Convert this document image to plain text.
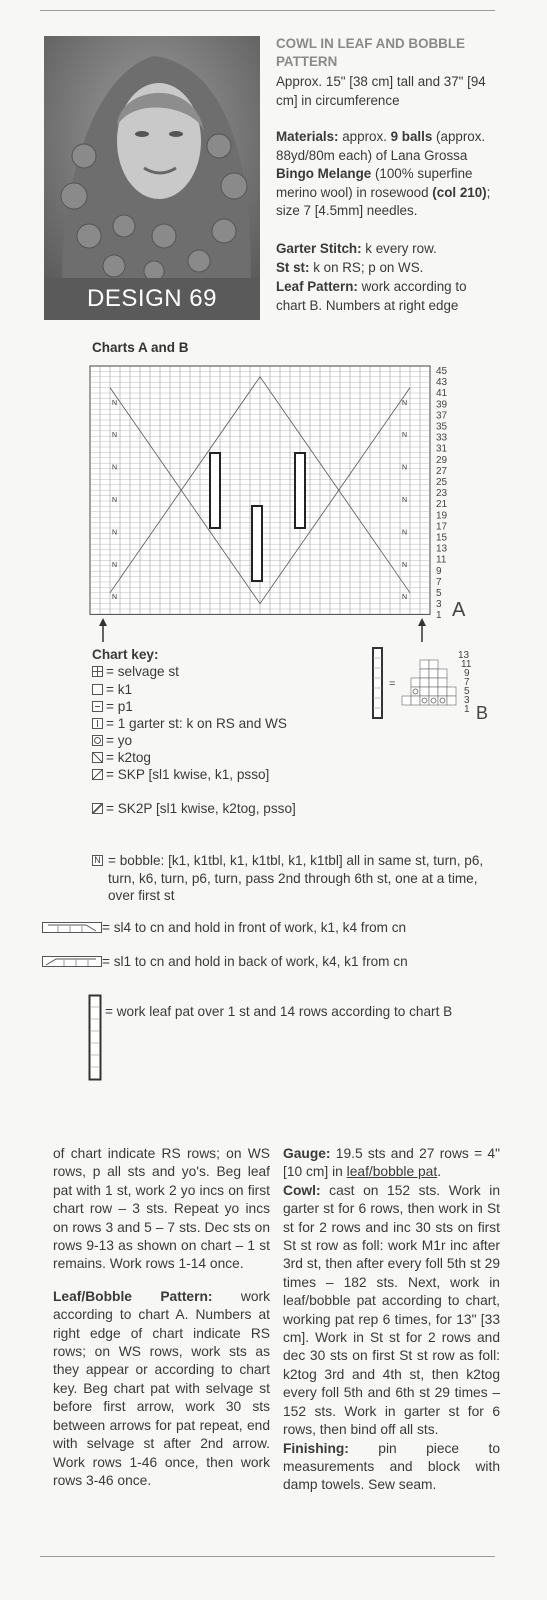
DESIGN 69
COWL IN LEAF AND BOBBLE PATTERN
Approx. 15" [38 cm] tall and 37" [94 cm] in circumference
Materials: approx. 9 balls (approx. 88yd/80m each) of Lana Grossa Bingo Melange (100% superfine merino wool) in rosewood (col 210); size 7 [4.5mm] needles.
Garter Stitch: k every row.
St st: k on RS; p on WS.
Leaf Pattern: work according to chart B. Numbers at right edge
Charts A and B
N	N
N	N
N	N
N	N
N	N
N	N
N	N
45
43
41
39
37
35
33
31
29
27
25
23
21
19
17
15
13
11
9
7
5
3
1 A
=
13
11
9
7
5
3
1 B
Chart key:
= selvage st
= k1
= p1
= 1 garter st: k on RS and WS
= yo
= k2tog
= SKP [sl1 kwise, k1, psso]
= SK2P [sl1 kwise, k2tog, psso]
N = bobble: [k1, k1tbl, k1, k1tbl, k1, k1tbl] all in same st, turn, p6, turn, k6, turn, p6, turn, pass 2nd through 6th st, one at a time, over first st
= sl4 to cn and hold in front of work, k1, k4 from cn
= sl1 to cn and hold in back of work, k4, k1 from cn
= work leaf pat over 1 st and 14 rows according to chart B
of chart indicate RS rows; on WS rows, p all sts and yo's. Beg leaf pat with 1 st, work 2 yo incs on first chart row – 3 sts. Repeat yo incs on rows 3 and 5 – 7 sts. Dec sts on rows 9-13 as shown on chart – 1 st remains. Work rows 1-14 once.
Leaf/Bobble Pattern: work according to chart A. Numbers at right edge of chart indicate RS rows; on WS rows, work sts as they appear or according to chart key. Beg chart pat with selvage st before first arrow, work 30 sts between arrows for pat repeat, end with selvage st after 2nd arrow. Work rows 1-46 once, then work rows 3-46 once.
Gauge: 19.5 sts and 27 rows = 4" [10 cm] in leaf/bobble pat.
Cowl: cast on 152 sts. Work in garter st for 6 rows, then work in St st for 2 rows and inc 30 sts on first St st row as foll: work M1r inc after 3rd st, then after every foll 5th st 29 times – 182 sts. Next, work in leaf/bobble pat according to chart, working pat rep 6 times, for 13" [33 cm]. Work in St st for 2 rows and dec 30 sts on first St st row as foll: k2tog 3rd and 4th st, then k2tog every foll 5th and 6th st 29 times – 152 sts. Work in garter st for 6 rows, then bind off all sts.
Finishing: pin piece to measurements and block with damp towels. Sew seam.
